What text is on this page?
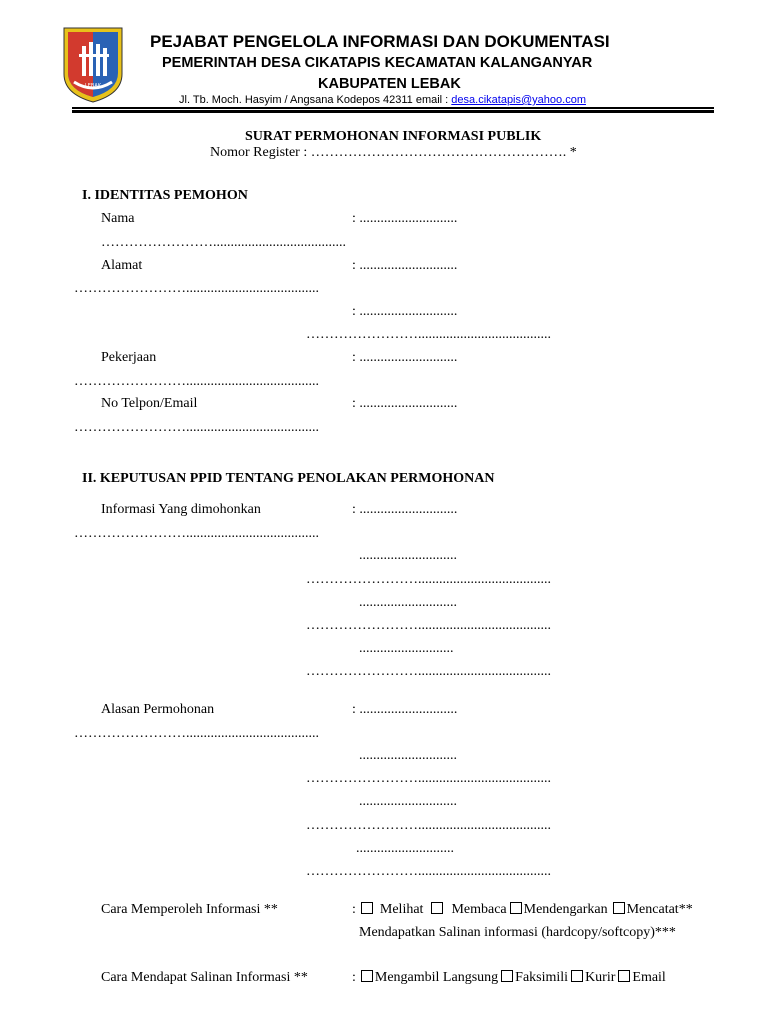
LEBAK
PEJABAT PENGELOLA INFORMASI DAN DOKUMENTASI
PEMERINTAH DESA CIKATAPIS KECAMATAN KALANGANYAR
KABUPATEN LEBAK
Jl. Tb. Moch. Hasyim / Angsana Kodepos 42311 email : desa.cikatapis@yahoo.com
SURAT PERMOHONAN INFORMASI PUBLIK
Nomor Register : ………………………………………………. *
I. IDENTITAS PEMOHON
Nama	: ............................
……………………......................................
Alamat	: ............................
……………………......................................
: ............................
……………………......................................
Pekerjaan	: ............................
……………………......................................
No Telpon/Email	: ............................
……………………......................................
II. KEPUTUSAN PPID TENTANG PENOLAKAN PERMOHONAN
Informasi Yang dimohonkan	: ............................
……………………......................................
............................
……………………......................................
............................
……………………......................................
...........................
……………………......................................
Alasan Permohonan	: ............................
……………………......................................
............................
……………………......................................
............................
……………………......................................
............................
……………………......................................
Cara Memperoleh Informasi **	: Melihat Membaca Mendengarkan Mencatat**
Mendapatkan Salinan informasi (hardcopy/softcopy)***
Cara Mendapat Salinan Informasi **	: Mengambil Langsung Faksimili Kurir Email
